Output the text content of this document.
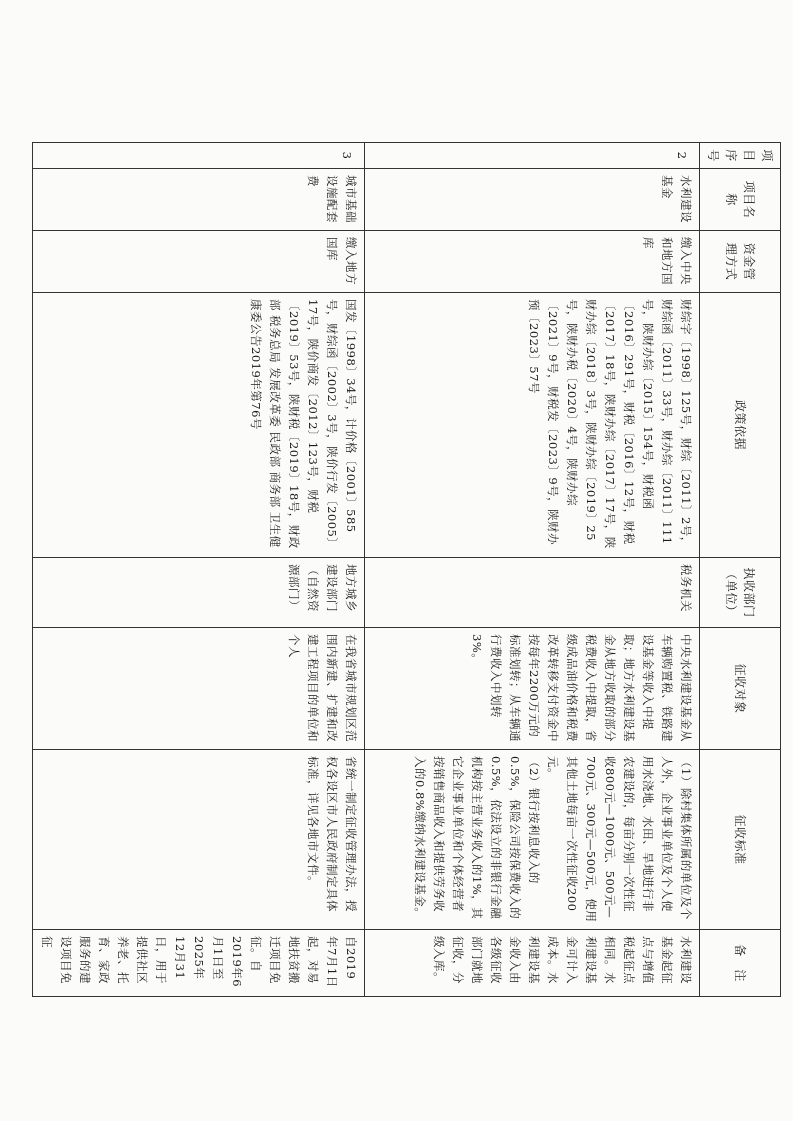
项目序号	项目名称	资金管理方式	政策依据	执收部门（单位）	征收对象	征收标准	备　注
2	水利建设基金	缴入中央和地方国库	财综字〔1998〕125号，财综〔2011〕2号，财综函〔2011〕33号，财办综〔2011〕111号，陕财办综〔2015〕154号，财税函〔2016〕291号，财税〔2016〕12号，财税〔2017〕18号，陕财办综〔2017〕17号，陕财办综〔2018〕3号，陕财办综〔2019〕25号，陕财办税〔2020〕4号，陕财办综〔2021〕9号，财税发〔2023〕9号，陕财办预〔2023〕57号	税务机关	中央水利建设基金从车辆购置税、铁路建设基金等收入中提取；地方水利建设基金从地方收取的部分税费收入中提取，省级成品油价格和税费改革转移支付资金中按每年2200万元的标准划转；从车辆通行费收入中划转3%。	（1）除村集体所属的单位及个人外，企业事业单位及个人使用水浇地、水田、旱地进行非农建设的，每亩分别一次性征收800元—1000元、500元—700元、300元—500元，使用其他土地每亩一次性征收200元。
（2）银行按利息收入的0.5%，保险公司按保费收入的0.5%，依法设立的非银行金融机构按主营业务收入的1%，其它企业事业单位和个体经营者按销售商品收入和提供劳务收入的0.8%缴纳水利建设基金。	水利建设基金起征点与增值税起征点相同。水利建设基金可计入成本。水利建设基金收入由各级征收部门就地征收，分级入库。
3	城市基础设施配套费	缴入地方国库	国发〔1998〕34号，计价格〔2001〕585号，财综函〔2002〕3号，陕价行发〔2005〕17号，陕价商发〔2012〕123号，财税〔2019〕53号，陕财税〔2019〕18号，财政部 税务总局 发展改革委 民政部 商务部 卫生健康委公告2019年第76号	地方城乡建设部门（自然资源部门）	在我省城市规划区范围内新建、扩建和改建工程项目的单位和个人	省统一制定征收管理办法，授权各设区市人民政府制定具体标准，详见各地市文件。	自2019年7月1日起，对易地扶贫搬迁项目免征。自2019年6月1日至2025年12月31日，用于提供社区养老、托育、家政服务的建设项目免征
